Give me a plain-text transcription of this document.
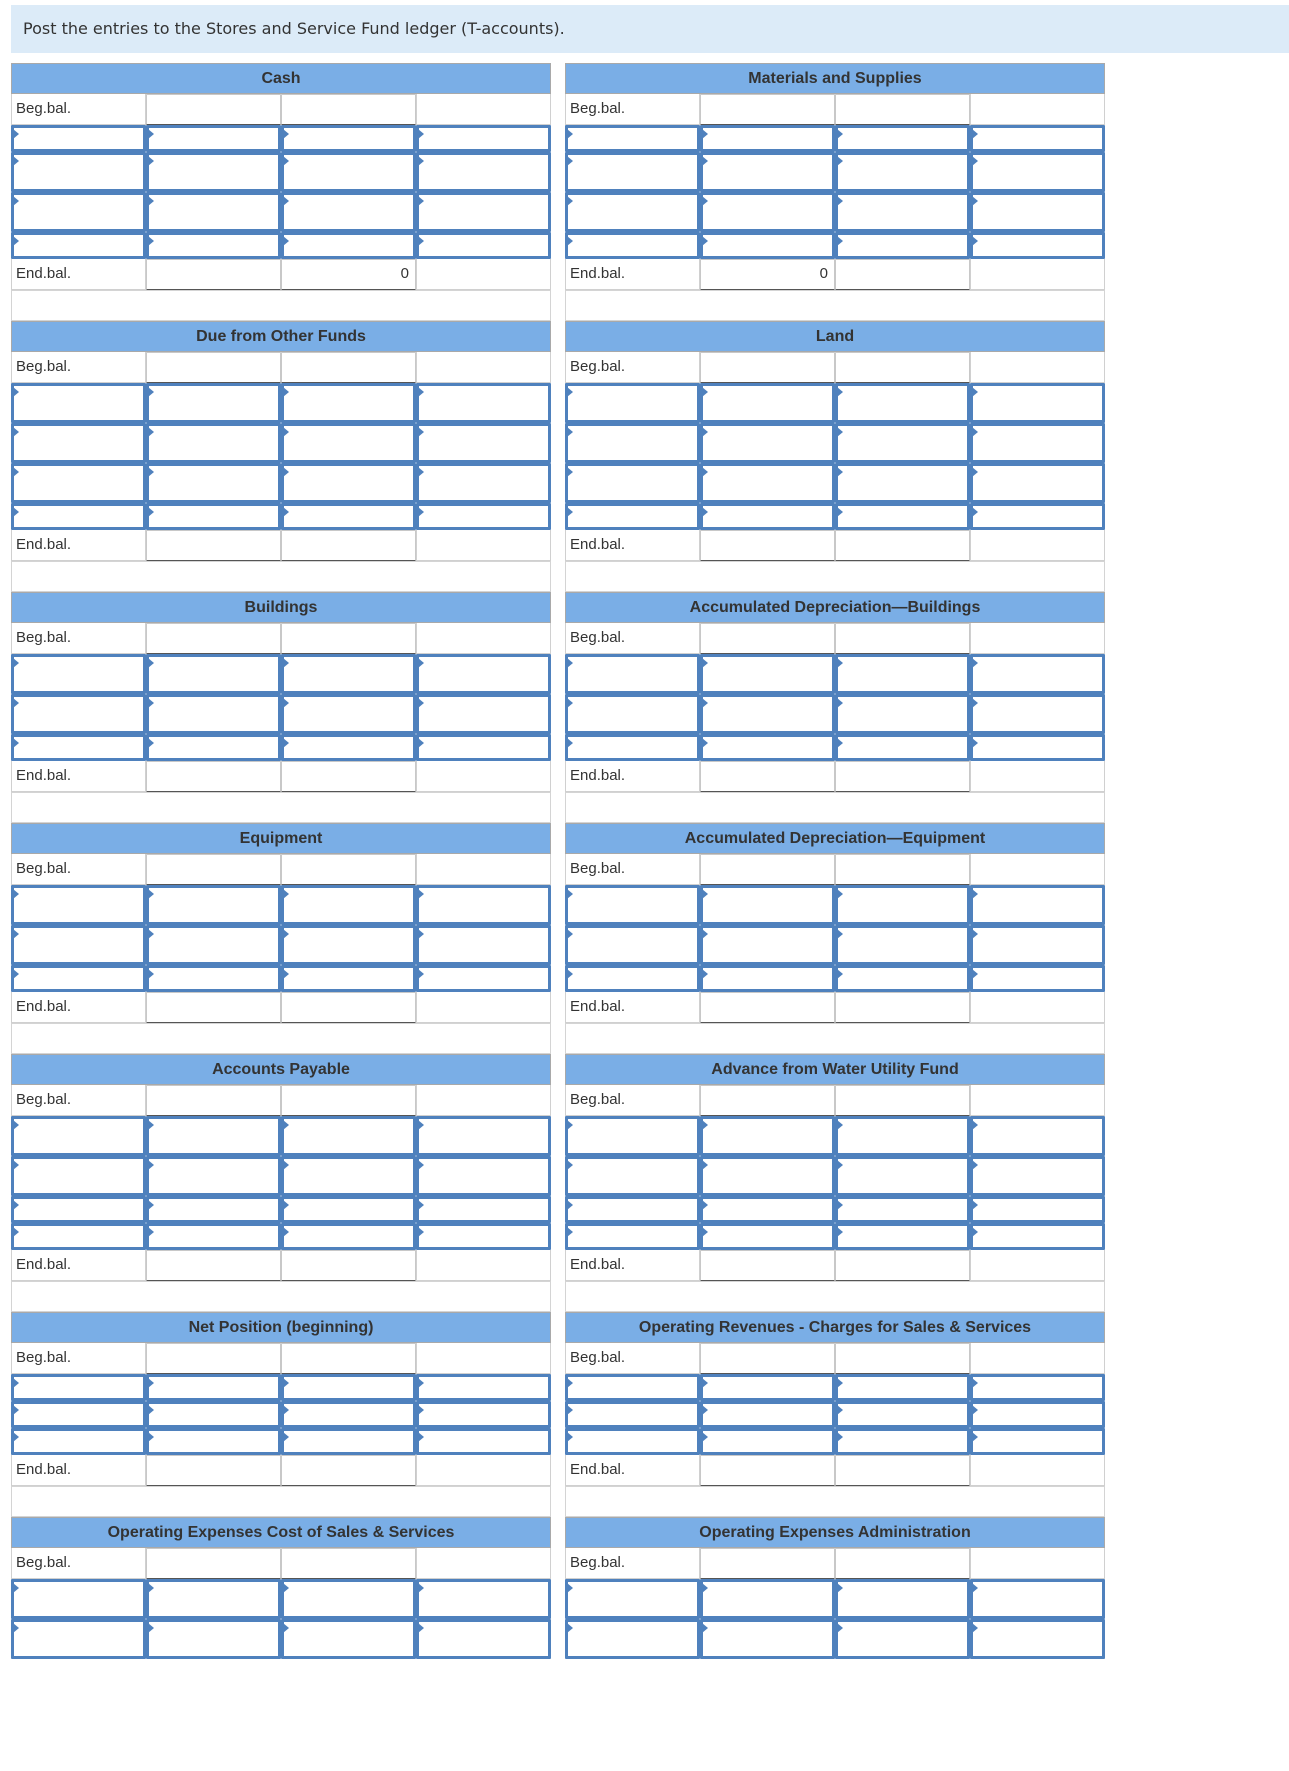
Post the entries to the Stores and Service Fund ledger (T-accounts).
Cash
Beg.bal.
End.bal.	0
Materials and Supplies
Beg.bal.
End.bal.	0
Due from Other Funds
Beg.bal.
End.bal.
Land
Beg.bal.
End.bal.
Buildings
Beg.bal.
End.bal.
Accumulated Depreciation—Buildings
Beg.bal.
End.bal.
Equipment
Beg.bal.
End.bal.
Accumulated Depreciation—Equipment
Beg.bal.
End.bal.
Accounts Payable
Beg.bal.
End.bal.
Advance from Water Utility Fund
Beg.bal.
End.bal.
Net Position (beginning)
Beg.bal.
End.bal.
Operating Revenues - Charges for Sales & Services
Beg.bal.
End.bal.
Operating Expenses Cost of Sales & Services
Beg.bal.
Operating Expenses Administration
Beg.bal.
